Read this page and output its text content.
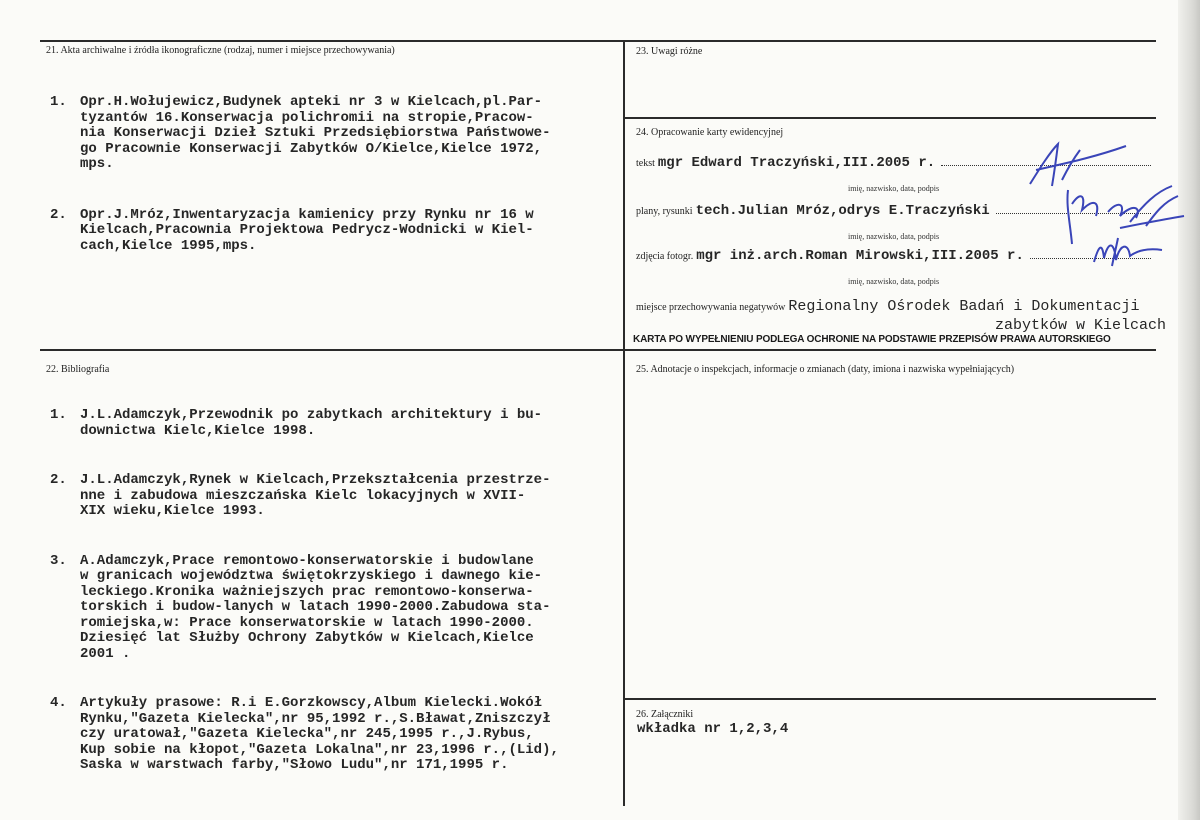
21. Akta archiwalne i źródła ikonograficzne (rodzaj, numer i miejsce przechowywania)

1. Opr.H.Wołujewicz,Budynek apteki nr 3 w Kielcach,pl.Par-
tyzantów 16.Konserwacja polichromii na stropie,Pracow-
nia Konserwacji Dzieł Sztuki Przedsiębiorstwa Państwowe-
go Pracownie Konserwacji Zabytków O/Kielce,Kielce 1972,
mps.

2. Opr.J.Mróz,Inwentaryzacja kamienicy przy Rynku nr 16 w
Kielcach,Pracownia Projektowa Pedrycz-Wodnicki w Kiel-
cach,Kielce 1995,mps.

22. Bibliografia

1. J.L.Adamczyk,Przewodnik po zabytkach architektury i bu-
downictwa Kielc,Kielce 1998.

2. J.L.Adamczyk,Rynek w Kielcach,Przekształcenia przestrze-
nne i zabudowa mieszczańska Kielc lokacyjnych w XVII-
XIX wieku,Kielce 1993.

3. A.Adamczyk,Prace remontowo-konserwatorskie i budowlane
w granicach województwa świętokrzyskiego i dawnego kie-
leckiego.Kronika ważniejszych prac remontowo-konserwa-
torskich i budow-lanych w latach 1990-2000.Zabudowa sta-
romiejska,w: Prace konserwatorskie w latach 1990-2000.
Dziesięć lat Służby Ochrony Zabytków w Kielcach,Kielce
2001 .

4. Artykuły prasowe: R.i E.Gorzkowscy,Album Kielecki.Wokół
Rynku,"Gazeta Kielecka",nr 95,1992 r.,S.Bławat,Zniszczył
czy uratował,"Gazeta Kielecka",nr 245,1995 r.,J.Rybus,
Kup sobie na kłopot,"Gazeta Lokalna",nr 23,1996 r.,(Lid),
Saska w warstwach farby,"Słowo Ludu",nr 171,1995 r.

23. Uwagi różne
24. Opracowanie karty ewidencyjnej
tekst mgr Edward Traczyński,III.2005 r.
imię, nazwisko, data, podpis
plany, rysunki tech.Julian Mróz,odrys E.Traczyński
imię, nazwisko, data, podpis
zdjęcia fotogr. mgr inż.arch.Roman Mirowski,III.2005 r.
imię, nazwisko, data, podpis
miejsce przechowywania negatywów Regionalny Ośrodek Badań i Dokumentacji
zabytków w Kielcach
KARTA PO WYPEŁNIENIU PODLEGA OCHRONIE NA PODSTAWIE PRZEPISÓW PRAWA AUTORSKIEGO
25. Adnotacje o inspekcjach, informacje o zmianach (daty, imiona i nazwiska wypełniających)
26. Załączniki
wkładka nr 1,2,3,4
